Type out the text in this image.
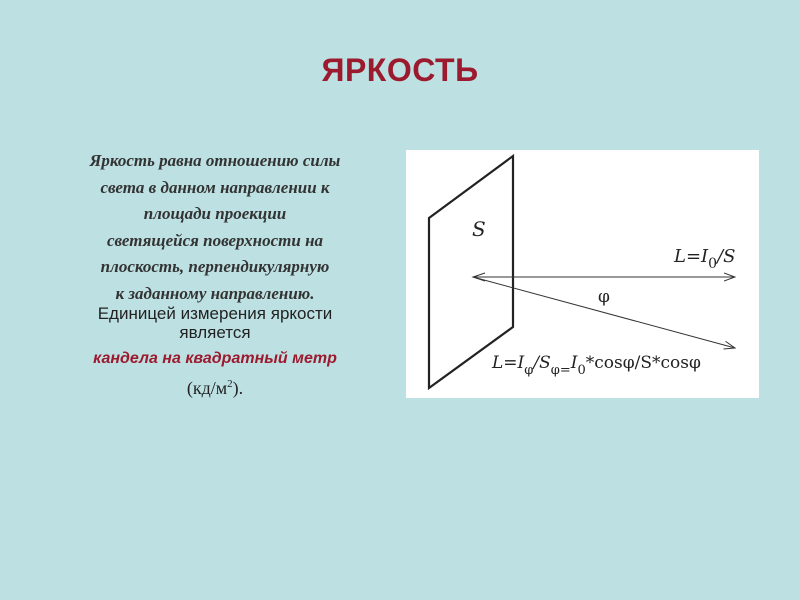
ЯРКОСТЬ
Яркость равна отношению силы
света в данном направлении к
площади проекции
светящейся поверхности на
плоскость, перпендикулярную
к заданному направлению.
Единицей измерения яркости
является
кандела на квадратный метр
$(кд/м^2)$.
S
φ
$L=I_0/S$
$L=I_\varphi/S_{\varphi=}I_0*\cos\varphi/S*\cos\varphi$
